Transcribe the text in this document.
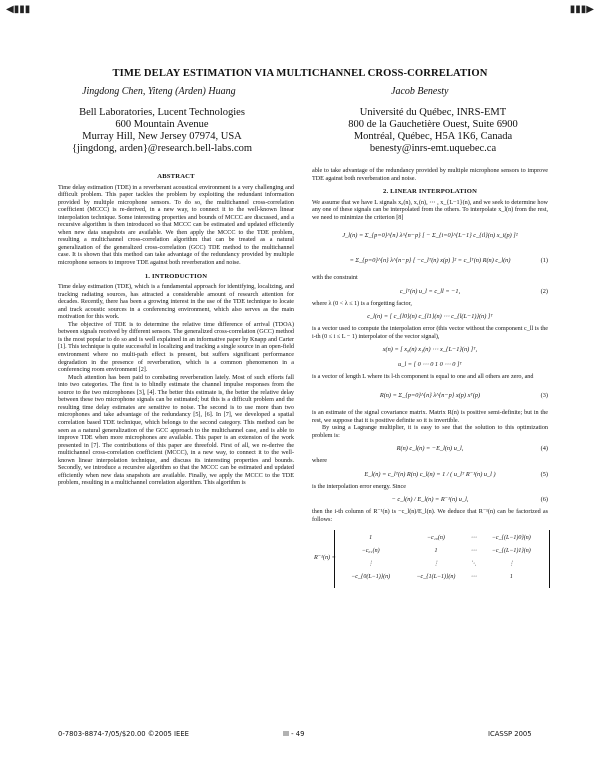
◀▮▮▮	▮▮▮▶
TIME DELAY ESTIMATION VIA MULTICHANNEL CROSS-CORRELATION
Jingdong Chen, Yiteng (Arden) Huang	Jacob Benesty
Bell Laboratories, Lucent Technologies
600 Mountain Avenue
Murray Hill, New Jersey 07974, USA
{jingdong, arden}@research.bell-labs.com
Université du Québec, INRS-EMT
800 de la Gauchetière Ouest, Suite 6900
Montréal, Québec, H5A 1K6, Canada
benesty@inrs-emt.uquebec.ca
ABSTRACT

Time delay estimation (TDE) in a reverberant acoustical environment is a very challenging and difficult problem. This paper tackles the problem by exploiting the redundant information provided by multiple microphone sensors. To do so, the multichannel cross-correlation coefficient (MCCC) is re-derived, in a new way, to connect it to the well-known linear interpolation technique. Some interesting properties and bounds of MCCC are discussed, and a recursive algorithm is then introduced so that MCCC can be estimated and updated efficiently when new data snapshots are available. We then apply the MCCC to the TDE problem, resulting a multichannel cross-correlation algorithm that can be treated as a natural generalization of the generalized cross-correlation (GCC) TDE method to the multichannel case. It is shown that this method can take advantage of the redundancy provided by multiple microphone sensors to improve TDE against both reverberation and noise.

1. INTRODUCTION

Time delay estimation (TDE), which is a fundamental approach for identifying, localizing, and tracking radiating sources, has attracted a considerable amount of research attention for decades. Recently, there has been a growing interest in the use of the TDE technique to locate and track acoustic sources in a conferencing environment, which also serves as the main motivation for this work.

The objective of TDE is to determine the relative time difference of arrival (TDOA) between signals received by different sensors. The generalized cross-correlation (GCC) method is the most popular to do so and is well explained in an informative paper by Knapp and Carter [1]. This technique is quite successful in localizing and tracking a single source in an open-field environment where no multi-path effect is present, but suffers significant performance degradation in the presence of reverberation, which is a common phenomenon in a conferencing room environment [2].

Much attention has been paid to combating reverberation lately. Most of such efforts fall into two categories. The first is to blindly estimate the channel impulse responses from the source to the two microphones [3], [4]. The better this estimate is, the better the relative delay between these two microphone signals can be estimated; but this is a difficult problem and the resulting time delay estimates are sensitive to noise. The second is to use more than two microphones and take advantage of the redundancy [5], [6]. In [7], we developed a spatial correlation based TDE technique, which belongs to the second category. This method can be seen as a natural generalization of the GCC approach to the multichannel case, and is able to improve TDE when more microphones are available. This paper is an extension of the work presented in [7]. The contributions of this paper are threefold. First of all, we re-derive the multichannel cross-correlation coefficient (MCCC), in a new way, to connect it to the well-known linear interpolation technique, and discuss its interesting properties and bounds. Secondly, we introduce a recursive algorithm so that the MCCC can be estimated and updated efficiently when new data snapshots are available. Finally, we apply the MCCC to the TDE problem, resulting in a multichannel correlation algorithm. This algorithm is

able to take advantage of the redundancy provided by multiple microphone sensors to improve TDE against both reverberation and noise.

2. LINEAR INTERPOLATION

We assume that we have L signals x₀(n), x₁(n), ⋯ , x_{L−1}(n), and we seek to determine how any one of these signals can be interpolated from the others. To interpolate x_l(n) from the rest, we need to minimize the criterion [8]

J_l(n) = Σ_{p=0}^{n} λ^{n−p} [ − Σ_{i=0}^{L−1} c_{il}(n) x_i(p) ]²
= Σ_{p=0}^{n} λ^{n−p} [ −c_lᵀ(n) x(p) ]² = c_lᵀ(n) R(n) c_l(n)	(1)

with the constraint

c_lᵀ(n) u_l = c_ll = −1,	(2)

where λ (0 < λ ≤ 1) is a forgetting factor,

c_l(n) = [ c_{l0}(n) c_{l1}(n) ⋯ c_{l(L−1)}(n) ]ᵀ

is a vector used to compute the interpolation error (this vector without the component c_ll is the i-th (0 ≤ i ≤ L − 1) interpolator of the vector signal),

x(n) = [ x₀(n) x₁(n) ⋯ x_{L−1}(n) ]ᵀ,
u_l = [ 0 ⋯ 0 1 0 ⋯ 0 ]ᵀ

is a vector of length L where its l-th component is equal to one and all others are zero, and

R(n) = Σ_{p=0}^{n} λ^{n−p} x(p) xᵀ(p)	(3)

is an estimate of the signal covariance matrix. Matrix R(n) is positive semi-definite; but in the rest, we suppose that it is positive definite so it is invertible.

By using a Lagrange multiplier, it is easy to see that the solution to this optimization problem is:

R(n) c_l(n) = −E_l(n) u_l,	(4)

where

E_l(n) = c_lᵀ(n) R(n) c_l(n) = 1 / ( u_lᵀ R⁻¹(n) u_l )	(5)

is the interpolation error energy. Since

− c_l(n) / E_l(n) = R⁻¹(n) u_l,	(6)

then the i-th column of R⁻¹(n) is −c_l(n)/E_l(n). We deduce that R⁻¹(n) can be factorized as follows:

R⁻¹(n) =
1	−c₁₀(n)	⋯	−c_{(L−1)0}(n)
−c₀₁(n)	1	⋯	−c_{(L−1)1}(n)
⋮	⋮	⋱	⋮
−c_{0(L−1)}(n)	−c_{1(L−1)}(n)	⋯	1
0-7803-8874-7/05/$20.00 ©2005 IEEE	III - 49	ICASSP 2005
